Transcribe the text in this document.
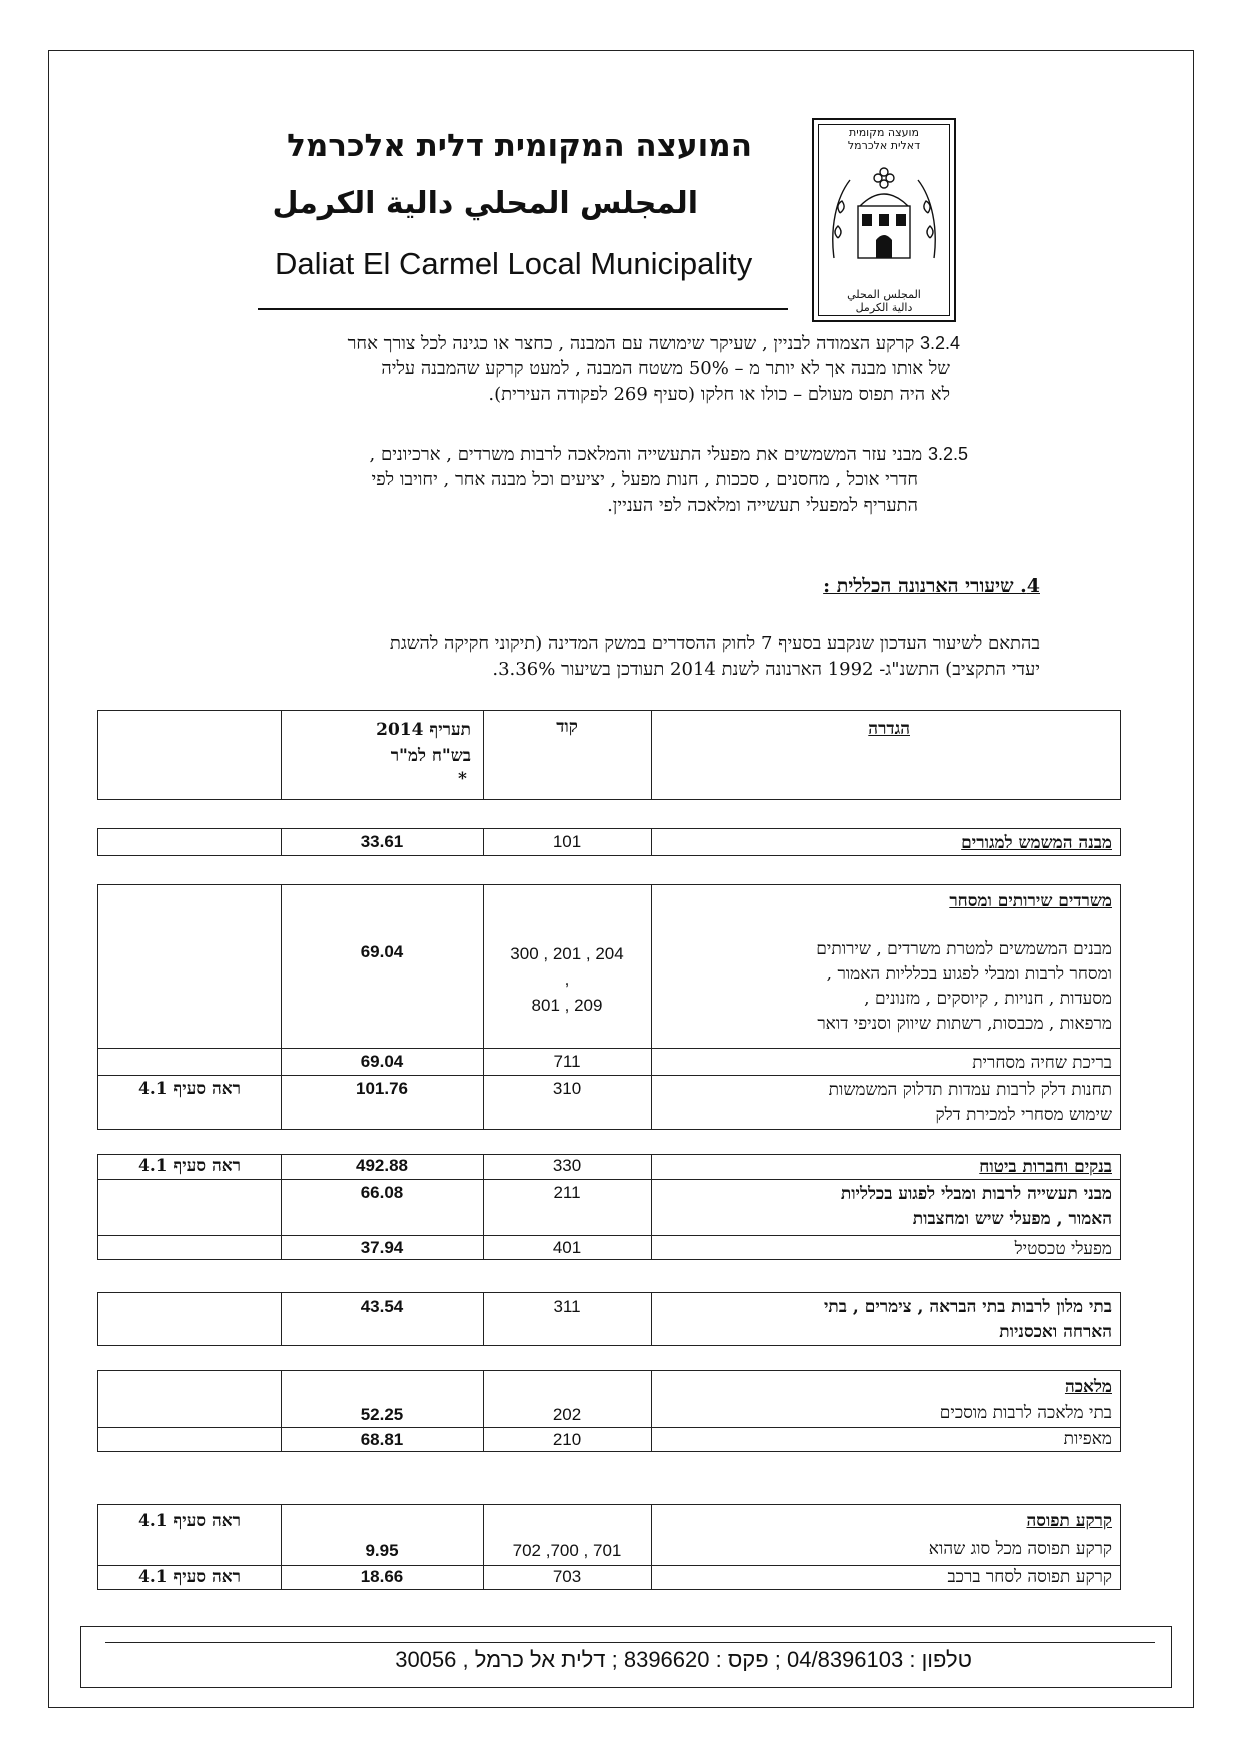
מועצה מקומית
דאלית אלכרמל
المجلس المحلي
دالية الكرمل
המועצה המקומית דלית אלכרמל
المجلس المحلي دالية الكرمل
Daliat El Carmel Local Municipality
3.2.4 קרקע הצמודה לבניין , שעיקר שימושה עם המבנה , כחצר או כגינה לכל צורך אחר
של אותו מבנה אך לא יותר מ – 50% משטח המבנה , למעט קרקע שהמבנה עליה
לא היה תפוס מעולם – כולו או חלקו (סעיף 269 לפקודה העירית).
3.2.5 מבני עזר המשמשים את מפעלי התעשייה והמלאכה לרבות משרדים , ארכיונים ,
חדרי אוכל , מחסנים , סככות , חנות מפעל , יציעים וכל מבנה אחר , יחויבו לפי
התעריף למפעלי תעשייה ומלאכה לפי העניין.
4. שיעורי הארנונה הכללית :
בהתאם לשיעור העדכון שנקבע בסעיף 7 לחוק ההסדרים במשק המדינה (תיקוני חקיקה להשגת
יעדי התקציב) התשנ"ג- 1992 הארנונה לשנת 2014 תעודכן בשיעור 3.36%.
הגדרה
קוד
תעריף 2014
בש"ח למ"ר
*
מבנה המשמש למגורים
33.61	101
משרדים שירותים ומסחר
מבנים המשמשים למטרת משרדים , שירותים
ומסחר לרבות ומבלי לפגוע בכלליות האמור ,
מסעדות , חנויות , קיוסקים , מזנונים ,
מרפאות , מכבסות, רשתות שיווק וסניפי דואר
300 , 201 , 204
,
801 , 209
69.04
בריכת שחיה מסחרית
711
69.04
תחנות דלק לרבות עמדות תדלוק המשמשות
שימוש מסחרי למכירת דלק
310
101.76
ראה סעיף 4.1
בנקים וחברות ביטוח
330
492.88
ראה סעיף 4.1
מבני תעשייה לרבות ומבלי לפגוע בכלליות
האמור , מפעלי שיש ומחצבות
211
66.08
מפעלי טכסטיל
401
37.94
בתי מלון לרבות בתי הבראה , צימרים , בתי
הארחה ואכסניות
311
43.54
מלאכה
בתי מלאכה לרבות מוסכים
202
52.25
מאפיות
210
68.81
קרקע תפוסה
קרקע תפוסה מכל סוג שהוא
702 ,700 , 701
9.95
ראה סעיף 4.1
קרקע תפוסה לסחר ברכב
703
18.66
ראה סעיף 4.1
טלפון : 04/8396103 ; פקס : 8396620 ; דלית אל כרמל , 30056
